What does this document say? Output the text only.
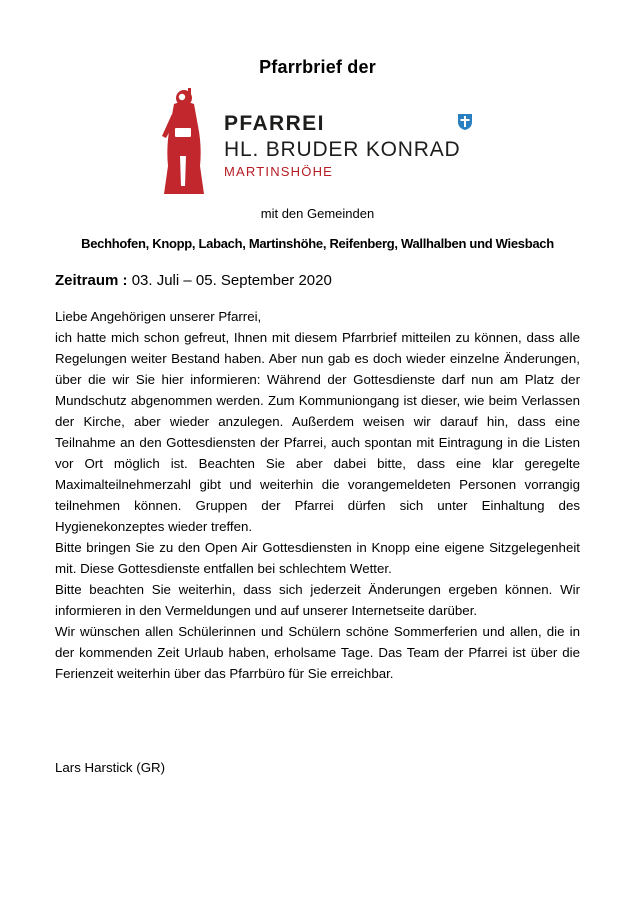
Pfarrbrief der
PFARREI
HL. BRUDER KONRAD
MARTINSHÖHE
mit den Gemeinden
Bechhofen, Knopp, Labach, Martinshöhe, Reifenberg, Wallhalben und Wiesbach
Zeitraum : 03. Juli – 05. September 2020

Liebe Angehörigen unserer Pfarrei,

ich hatte mich schon gefreut, Ihnen mit diesem Pfarrbrief mitteilen zu können, dass alle Regelungen weiter Bestand haben. Aber nun gab es doch wieder einzelne Änderungen, über die wir Sie hier informieren: Während der Gottesdienste darf nun am Platz der Mundschutz abgenommen werden. Zum Kommuniongang ist dieser, wie beim Verlassen der Kirche, aber wieder anzulegen. Außerdem weisen wir darauf hin, dass eine Teilnahme an den Gottesdiensten der Pfarrei, auch spontan mit Eintragung in die Listen vor Ort möglich ist. Beachten Sie aber dabei bitte, dass eine klar geregelte Maximalteilnehmerzahl gibt und weiterhin die vorangemeldeten Personen vorrangig teilnehmen können. Gruppen der Pfarrei dürfen sich unter Einhaltung des Hygienekonzeptes wieder treffen.

Bitte bringen Sie zu den Open Air Gottesdiensten in Knopp eine eigene Sitzgelegenheit mit. Diese Gottesdienste entfallen bei schlechtem Wetter.

Bitte beachten Sie weiterhin, dass sich jederzeit Änderungen ergeben können. Wir informieren in den Vermeldungen und auf unserer Internetseite darüber.

Wir wünschen allen Schülerinnen und Schülern schöne Sommerferien und allen, die in der kommenden Zeit Urlaub haben, erholsame Tage. Das Team der Pfarrei ist über die Ferienzeit weiterhin über das Pfarrbüro für Sie erreichbar.

Lars Harstick (GR)
